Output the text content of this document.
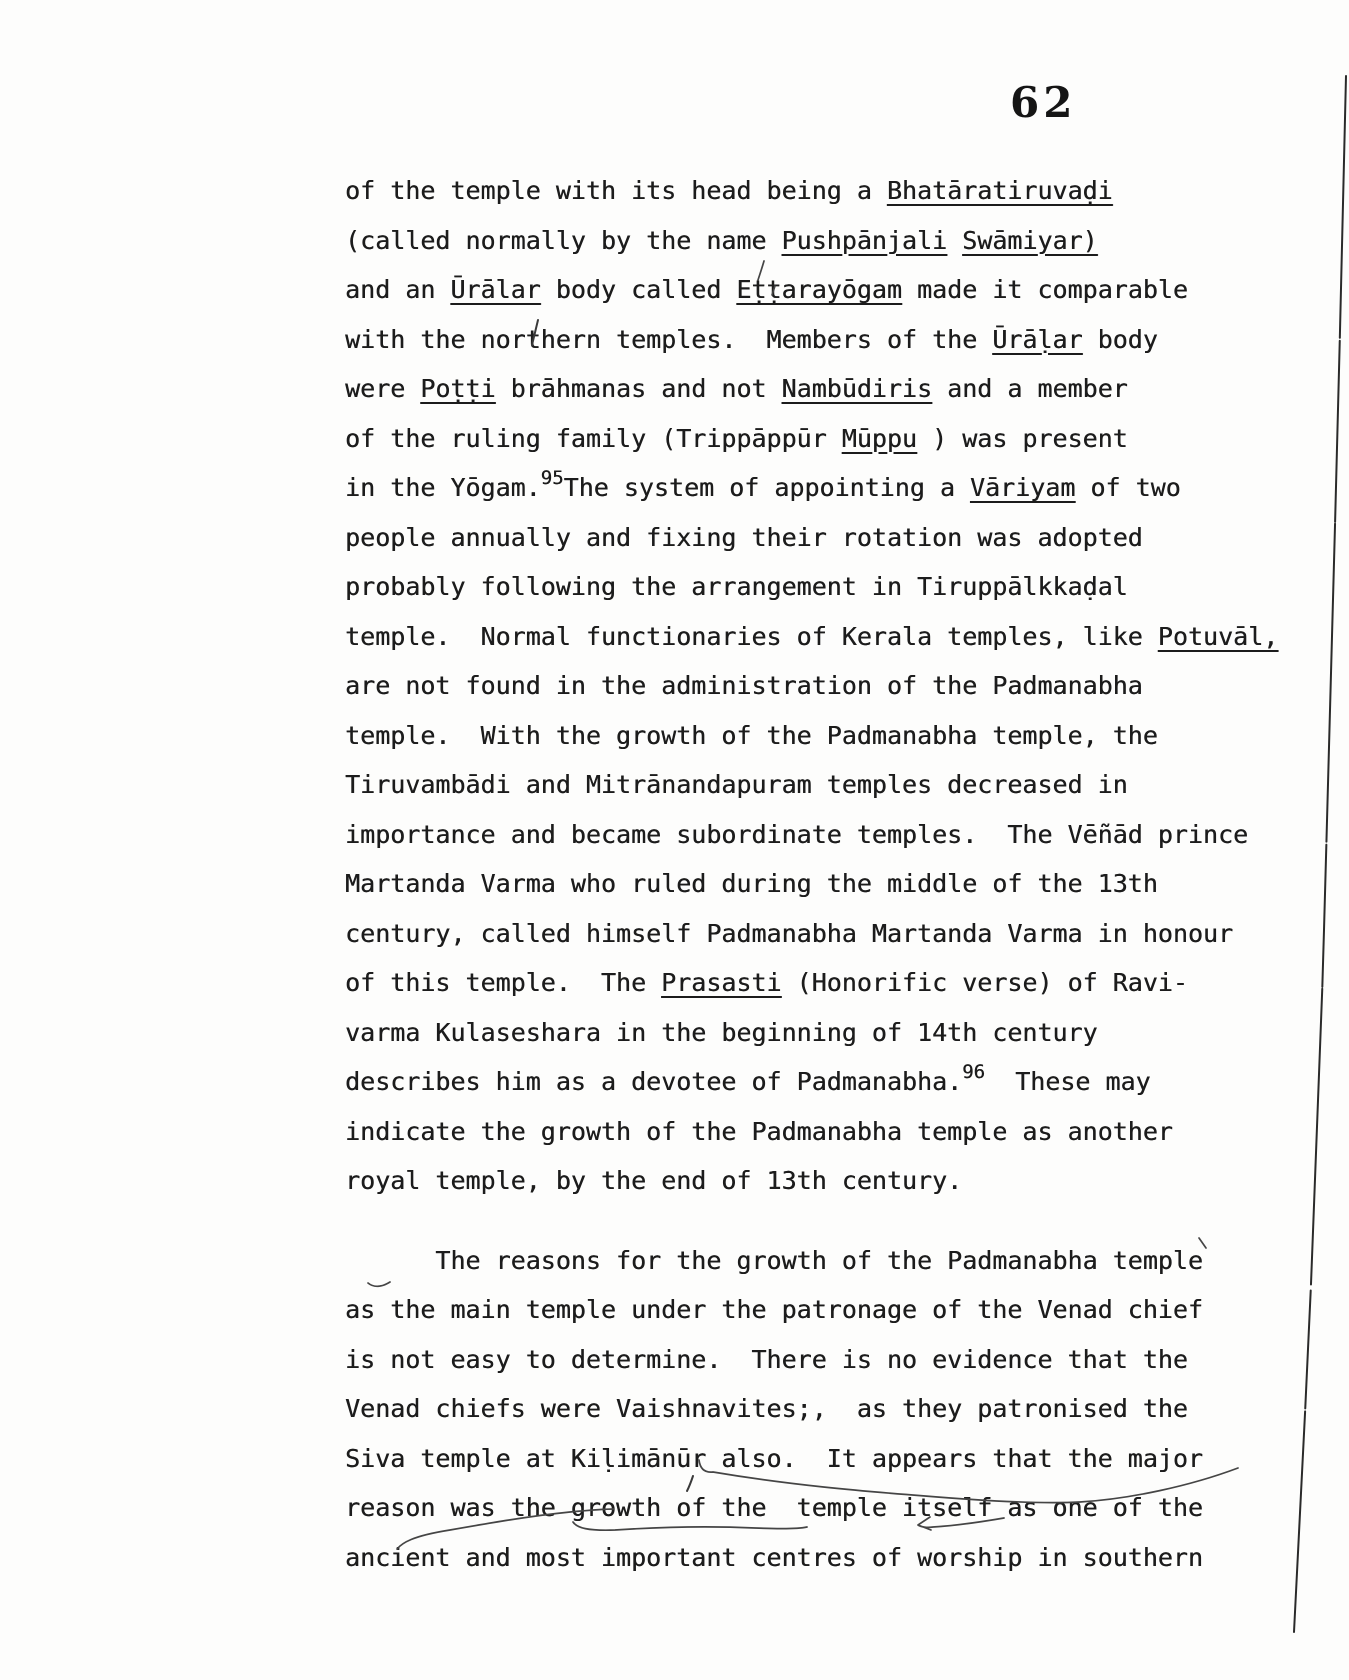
62
of the temple with its head being a Bhatāratiruvaḍi
(called normally by the name Pushpānjali Swāmiyar)
and an Ūrālar body called Eṭṭarayōgam made it comparable
with the northern temples.  Members of the Ūrāḷar body
were Poṭṭi brāhmanas and not Nambūdiris and a member
of the ruling family (Trippāppūr Mūppu ) was present
in the Yōgam.$^{95}$The system of appointing a Vāriyam of two
people annually and fixing their rotation was adopted
probably following the arrangement in Tiruppālkkaḍal
temple.  Normal functionaries of Kerala temples, like Potuvāl,
are not found in the administration of the Padmanabha
temple.  With the growth of the Padmanabha temple, the
Tiruvambādi and Mitrānandapuram temples decreased in
importance and became subordinate temples.  The Vēñād prince
Martanda Varma who ruled during the middle of the 13th
century, called himself Padmanabha Martanda Varma in honour
of this temple.  The Prasasti (Honorific verse) of Ravi-
varma Kulaseshara in the beginning of 14th century
describes him as a devotee of Padmanabha.$^{96}$  These may
indicate the growth of the Padmanabha temple as another
royal temple, by the end of 13th century.
The reasons for the growth of the Padmanabha temple
as the main temple under the patronage of the Venad chief
is not easy to determine.  There is no evidence that the
Venad chiefs were Vaishnavites;,  as they patronised the
Siva temple at Kiḷimānūr also.  It appears that the major
reason was the growth of the  temple itself as one of the
ancient and most important centres of worship in southern
